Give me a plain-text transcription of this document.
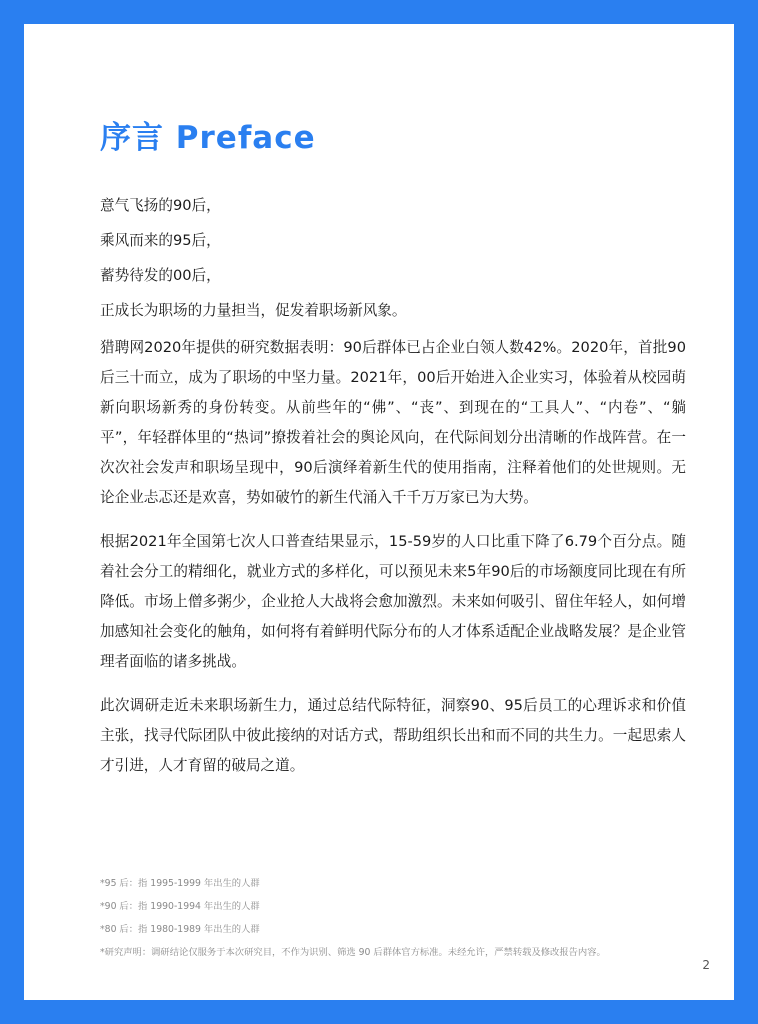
序言 Preface

意气飞扬的90后，

乘风而来的95后，

蓄势待发的00后，

正成长为职场的力量担当，促发着职场新风象。

猎聘网2020年提供的研究数据表明：90后群体已占企业白领人数42%。2020年，首批90后三十而立，成为了职场的中坚力量。2021年，00后开始进入企业实习，体验着从校园萌新向职场新秀的身份转变。从前些年的“佛”、“丧”、到现在的“工具人”、“内卷”、“躺平”，年轻群体里的“热词”撩拨着社会的舆论风向，在代际间划分出清晰的作战阵营。在一次次社会发声和职场呈现中，90后演绎着新生代的使用指南，注释着他们的处世规则。无论企业忐忑还是欢喜，势如破竹的新生代涌入千千万万家已为大势。

根据2021年全国第七次人口普查结果显示，15-59岁的人口比重下降了6.79个百分点。随着社会分工的精细化，就业方式的多样化，可以预见未来5年90后的市场额度同比现在有所降低。市场上僧多粥少，企业抢人大战将会愈加激烈。未来如何吸引、留住年轻人，如何增加感知社会变化的触角，如何将有着鲜明代际分布的人才体系适配企业战略发展？是企业管理者面临的诸多挑战。

此次调研走近未来职场新生力，通过总结代际特征，洞察90、95后员工的心理诉求和价值主张，找寻代际团队中彼此接纳的对话方式，帮助组织长出和而不同的共生力。一起思索人才引进，人才育留的破局之道。

*95 后：指 1995-1999 年出生的人群

*90 后：指 1990-1994 年出生的人群

*80 后：指 1980-1989 年出生的人群

*研究声明：调研结论仅服务于本次研究目，不作为识别、筛选 90 后群体官方标准。未经允许，严禁转载及修改报告内容。

2
